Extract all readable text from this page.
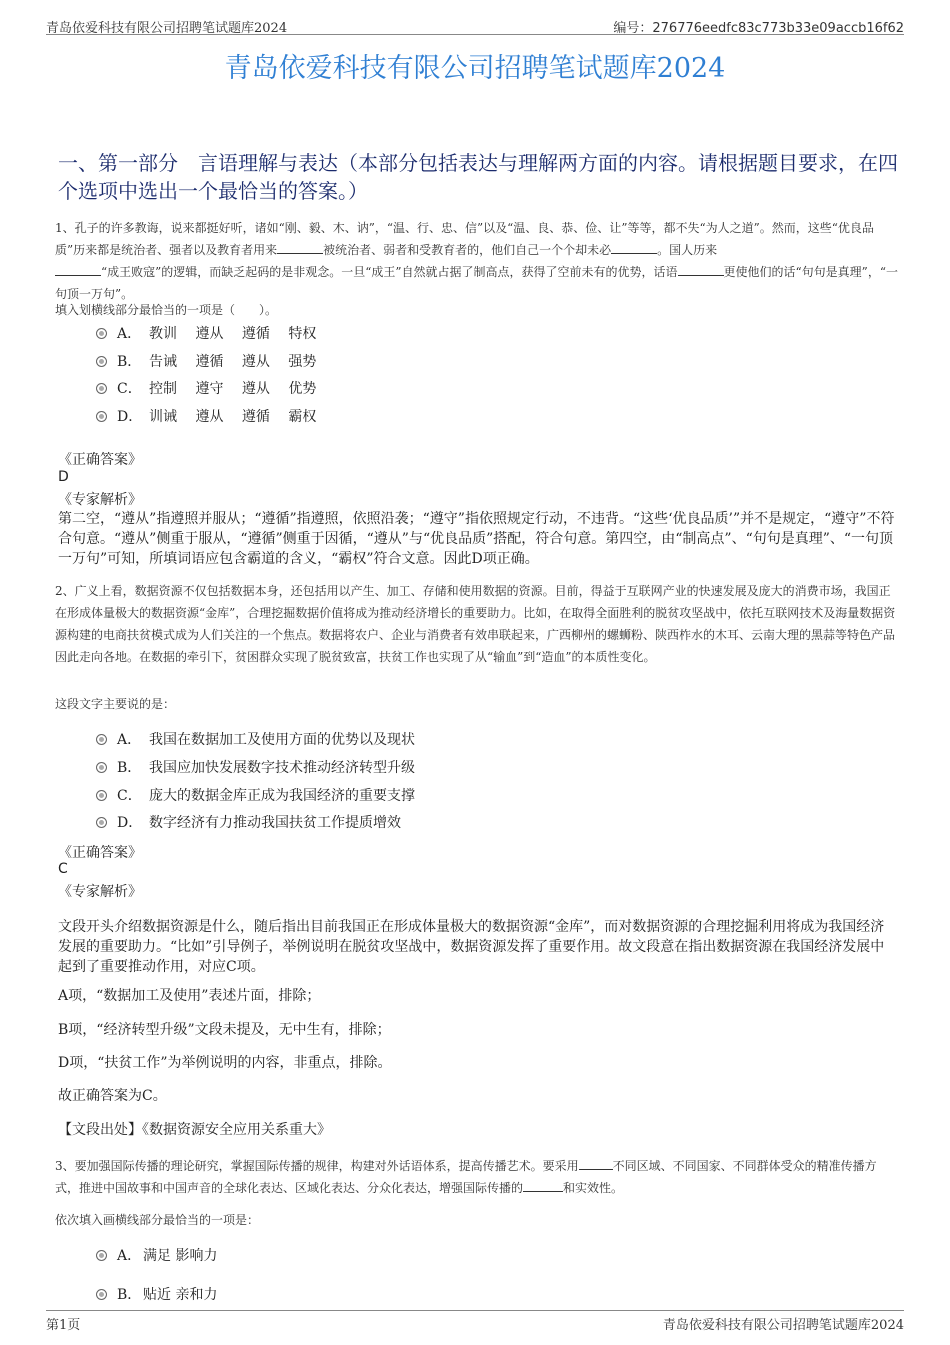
青岛依爱科技有限公司招聘笔试题库2024	编号：276776eedfc83c773b33e09accb16f62
青岛依爱科技有限公司招聘笔试题库2024
一、第一部分　言语理解与表达（本部分包括表达与理解两方面的内容。请根据题目要求，在四个选项中选出一个最恰当的答案。）
1、孔子的许多教诲，说来都挺好听，诸如“刚、毅、木、讷”，“温、行、忠、信”以及“温、良、恭、俭、让”等等，都不失“为人之道”。然而，这些“优良品质”历来都是统治者、强者以及教育者用来	被统治者、弱者和受教育者的，他们自己一个个却未必	。国人历来
“成王败寇”的逻辑，而缺乏起码的是非观念。一旦“成王”自然就占据了制高点，获得了空前未有的优势，话语	更使他们的话“句句是真理”，“一句顶一万句”。
填入划横线部分最恰当的一项是（　　）。
A． 教训　 遵从　 遵循　 特权
B． 告诫　 遵循　 遵从　 强势
C． 控制　 遵守　 遵从　 优势
D． 训诫　 遵从　 遵循　 霸权
《正确答案》
D
《专家解析》
第二空，“遵从”指遵照并服从；“遵循”指遵照，依照沿袭；“遵守”指依照规定行动，不违背。“这些‘优良品质’”并不是规定，“遵守”不符合句意。“遵从”侧重于服从，“遵循”侧重于因循，“遵从”与“优良品质”搭配，符合句意。第四空，由“制高点”、“句句是真理”、“一句顶一万句”可知，所填词语应包含霸道的含义，“霸权”符合文意。因此D项正确。
2、广义上看，数据资源不仅包括数据本身，还包括用以产生、加工、存储和使用数据的资源。目前，得益于互联网产业的快速发展及庞大的消费市场，我国正在形成体量极大的数据资源“金库”，合理挖掘数据价值将成为推动经济增长的重要助力。比如，在取得全面胜利的脱贫攻坚战中，依托互联网技术及海量数据资源构建的电商扶贫模式成为人们关注的一个焦点。数据将农户、企业与消费者有效串联起来，广西柳州的螺蛳粉、陕西柞水的木耳、云南大理的黑蒜等特色产品因此走向各地。在数据的牵引下，贫困群众实现了脱贫致富，扶贫工作也实现了从“输血”到“造血”的本质性变化。
这段文字主要说的是：
A． 我国在数据加工及使用方面的优势以及现状
B． 我国应加快发展数字技术推动经济转型升级
C． 庞大的数据金库正成为我国经济的重要支撑
D． 数字经济有力推动我国扶贫工作提质增效
《正确答案》
C
《专家解析》
文段开头介绍数据资源是什么，随后指出目前我国正在形成体量极大的数据资源“金库”，而对数据资源的合理挖掘利用将成为我国经济发展的重要助力。“比如”引导例子，举例说明在脱贫攻坚战中，数据资源发挥了重要作用。故文段意在指出数据资源在我国经济发展中起到了重要推动作用，对应C项。
A项，“数据加工及使用”表述片面，排除；
B项，“经济转型升级”文段未提及，无中生有，排除；
D项，“扶贫工作”为举例说明的内容，非重点，排除。
故正确答案为C。
【文段出处】《数据资源安全应用关系重大》
3、要加强国际传播的理论研究，掌握国际传播的规律，构建对外话语体系，提高传播艺术。要采用	不同区域、不同国家、不同群体受众的精准传播方式，推进中国故事和中国声音的全球化表达、区域化表达、分众化表达，增强国际传播的	和实效性。
依次填入画横线部分最恰当的一项是：
A． 满足 影响力
B． 贴近 亲和力
第1页	青岛依爱科技有限公司招聘笔试题库2024
